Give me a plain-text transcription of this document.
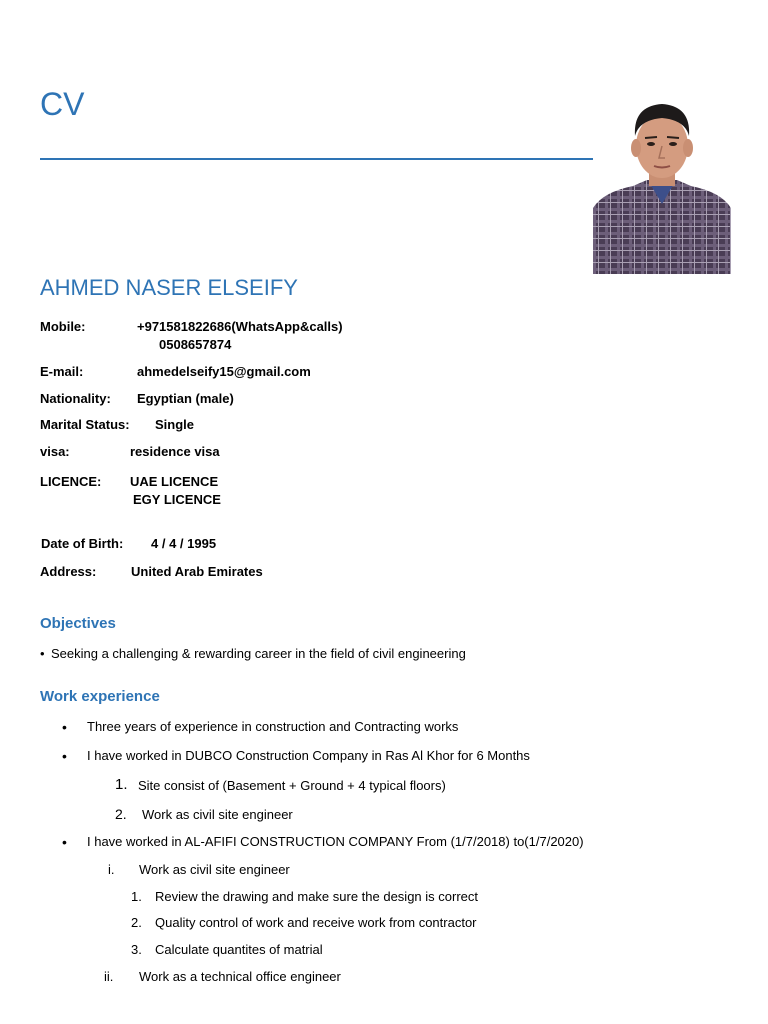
CV
AHMED NASER ELSEIFY
Mobile:	+971581822686(WhatsApp&calls)
0508657874
E-mail:	ahmedelseify15@gmail.com
Nationality: Egyptian (male)
Marital Status: Single
visa:	residence visa
LICENCE: UAE LICENCE
EGY LICENCE
Date of Birth: 4 / 4 / 1995
Address:	United Arab Emirates
Objectives
• Seeking a challenging & rewarding career in the field of civil engineering
Work experience
• Three years of experience in construction and Contracting works
• I have worked in DUBCO Construction Company in Ras Al Khor for 6 Months
1. Site consist of (Basement + Ground + 4 typical floors)
2. Work as civil site engineer
• I have worked in AL-AFIFI CONSTRUCTION COMPANY From (1/7/2018) to(1/7/2020)
i. Work as civil site engineer
1. Review the drawing and make sure the design is correct
2. Quality control of work and receive work from contractor
3. Calculate quantites of matrial
ii. Work as a technical office engineer
